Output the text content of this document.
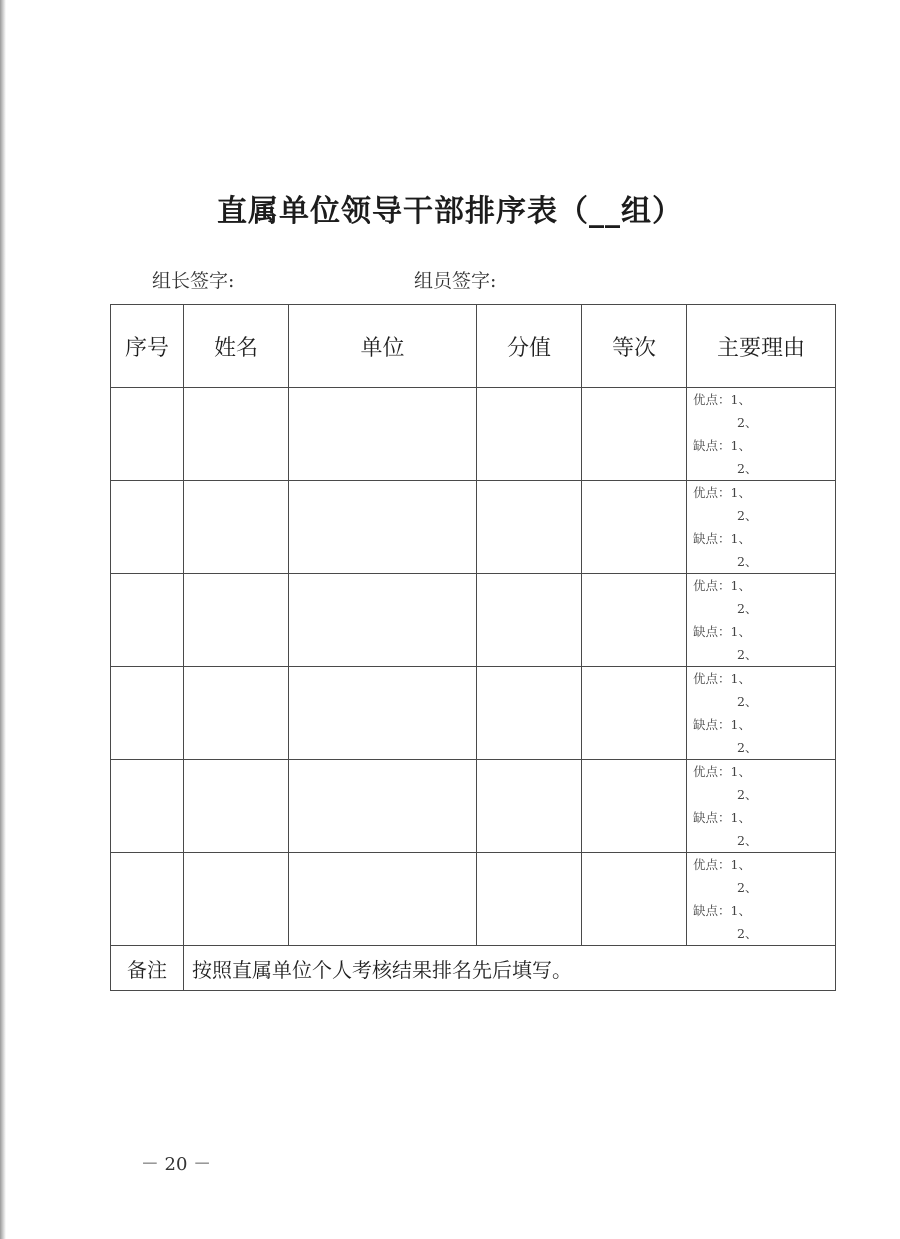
直属单位领导干部排序表（__组）
组长签字:	组员签字:
序号	姓名	单位	分值	等次	主要理由

					优点：1、
2、
缺点：1、
2、

					优点：1、
2、
缺点：1、
2、

					优点：1、
2、
缺点：1、
2、

					优点：1、
2、
缺点：1、
2、

					优点：1、
2、
缺点：1、
2、

					优点：1、
2、
缺点：1、
2、

备注	按照直属单位个人考核结果排名先后填写。				
－ 20 －
